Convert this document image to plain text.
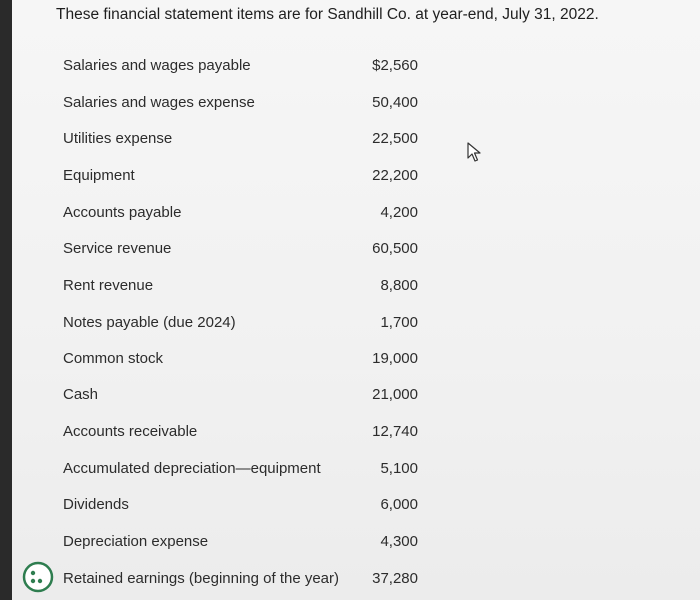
These financial statement items are for Sandhill Co. at year-end, July 31, 2022.
Salaries and wages payable	$2,560
Salaries and wages expense	50,400
Utilities expense	22,500
Equipment	22,200
Accounts payable	4,200
Service revenue	60,500
Rent revenue	8,800
Notes payable (due 2024)	1,700
Common stock	19,000
Cash	21,000
Accounts receivable	12,740
Accumulated depreciation—equipment	5,100
Dividends	6,000
Depreciation expense	4,300
Retained earnings (beginning of the year) 37,280
